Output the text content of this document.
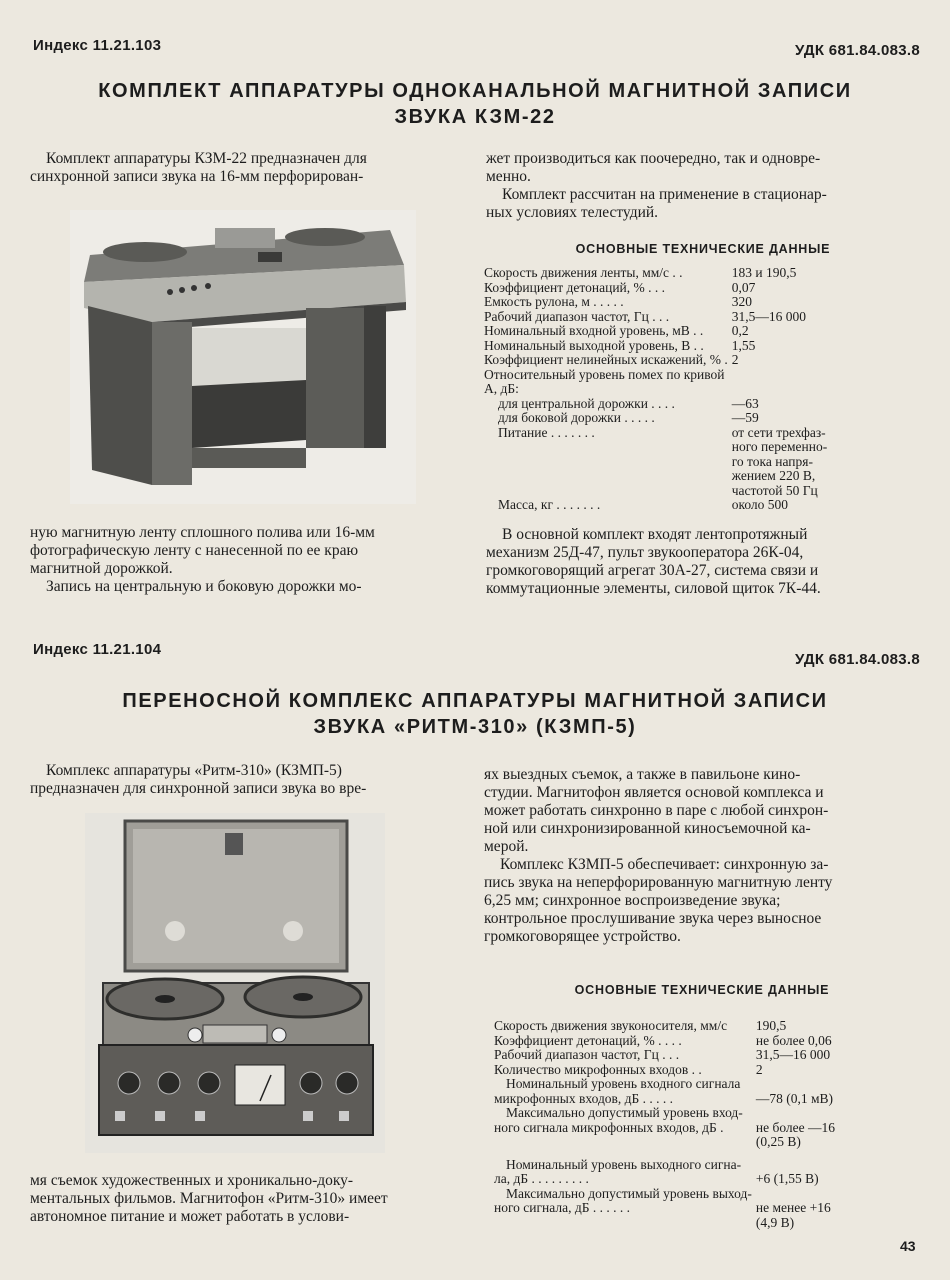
Индекс 11.21.103	УДК 681.84.083.8
КОМПЛЕКТ АППАРАТУРЫ ОДНОКАНАЛЬНОЙ МАГНИТНОЙ ЗАПИСИ
ЗВУКА КЗМ-22
Комплект аппаратуры КЗМ-22 предназначен для
синхронной записи звука на 16-мм перфорирован-
ную магнитную ленту сплошного полива или 16-мм
фотографическую ленту с нанесенной по ее краю
магнитной дорожкой.
Запись на центральную и боковую дорожки мо-
жет производиться как поочередно, так и одновре-
менно.
Комплект рассчитан на применение в стационар-
ных условиях телестудий.
ОСНОВНЫЕ ТЕХНИЧЕСКИЕ ДАННЫЕ
Скорость движения ленты, мм/с . .	183 и 190,5
Коэффициент детонаций, % . . .	0,07
Емкость рулона, м . . . . .	320
Рабочий диапазон частот, Гц . . .	31,5—16 000
Номинальный входной уровень, мВ . .	0,2
Номинальный выходной уровень, В . .	1,55
Коэффициент нелинейных искажений, % .	2
Относительный уровень помех по кривой	
А, дБ:	
для центральной дорожки . . . .	—63
для боковой дорожки . . . . .	—59
Питание . . . . . . .	от сети трехфаз-
	ного переменно-
	го тока напря-
	жением 220 В,
	частотой 50 Гц
Масса, кг . . . . . . .	около 500
В основной комплект входят лентопротяжный
механизм 25Д-47, пульт звукооператора 26К-04,
громкоговорящий агрегат 30А-27, система связи и
коммутационные элементы, силовой щиток 7К-44.
Индекс 11.21.104
УДК 681.84.083.8
ПЕРЕНОСНОЙ КОМПЛЕКС АППАРАТУРЫ МАГНИТНОЙ ЗАПИСИ
ЗВУКА «РИТМ-310» (КЗМП-5)
Комплекс аппаратуры «Ритм-310» (КЗМП-5)
предназначен для синхронной записи звука во вре-
мя съемок художественных и хроникально-доку-
ментальных фильмов. Магнитофон «Ритм-310» имеет
автономное питание и может работать в услови-
ях выездных съемок, а также в павильоне кино-
студии. Магнитофон является основой комплекса и
может работать синхронно в паре с любой синхрон-
ной или синхронизированной киносъемочной ка-
мерой.
Комплекс КЗМП-5 обеспечивает: синхронную за-
пись звука на неперфорированную магнитную ленту
6,25 мм; синхронное воспроизведение звука;
контрольное прослушивание звука через выносное
громкоговорящее устройство.
ОСНОВНЫЕ ТЕХНИЧЕСКИЕ ДАННЫЕ
Скорость движения звуконосителя, мм/с	190,5
Коэффициент детонаций, % . . . .	не более 0,06
Рабочий диапазон частот, Гц . . .	31,5—16 000
Количество микрофонных входов . .	2
Номинальный уровень входного сигнала	
микрофонных входов, дБ . . . . .	—78 (0,1 мВ)
Максимально допустимый уровень вход-	
ного сигнала микрофонных входов, дБ .	не более —16
	(0,25 В)

Номинальный уровень выходного сигна-	
ла, дБ . . . . . . . . .	+6 (1,55 В)
Максимально допустимый уровень выход-	
ного сигнала, дБ . . . . . .	не менее +16
	(4,9 В)
43
